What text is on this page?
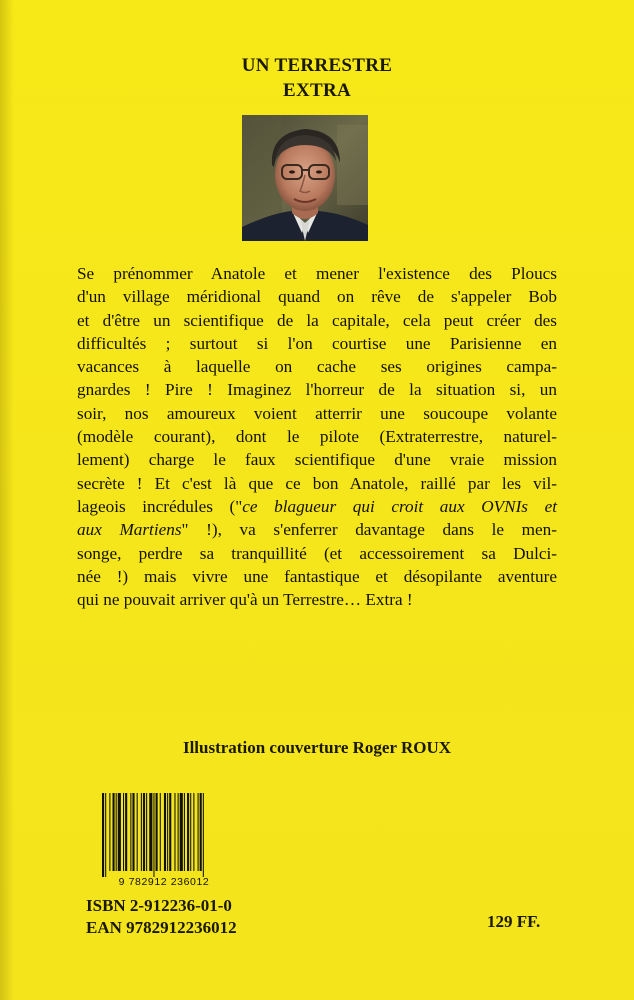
UN TERRESTRE
EXTRA
Se prénommer Anatole et mener l'existence des Ploucs
d'un village méridional quand on rêve de s'appeler Bob
et d'être un scientifique de la capitale, cela peut créer des
difficultés ; surtout si l'on courtise une Parisienne en
vacances à laquelle on cache ses origines campa-
gnardes ! Pire ! Imaginez l'horreur de la situation si, un
soir, nos amoureux voient atterrir une soucoupe volante
(modèle courant), dont le pilote (Extraterrestre, naturel-
lement) charge le faux scientifique d'une vraie mission
secrète ! Et c'est là que ce bon Anatole, raillé par les vil-
lageois incrédules ("ce blagueur qui croit aux OVNIs et
aux Martiens" !), va s'enferrer davantage dans le men-
songe, perdre sa tranquillité (et accessoirement sa Dulci-
née !) mais vivre une fantastique et désopilante aventure
qui ne pouvait arriver qu'à un Terrestre… Extra !
Illustration couverture Roger ROUX
9 782912 236012
ISBN 2-912236-01-0
EAN 9782912236012	129 FF.
